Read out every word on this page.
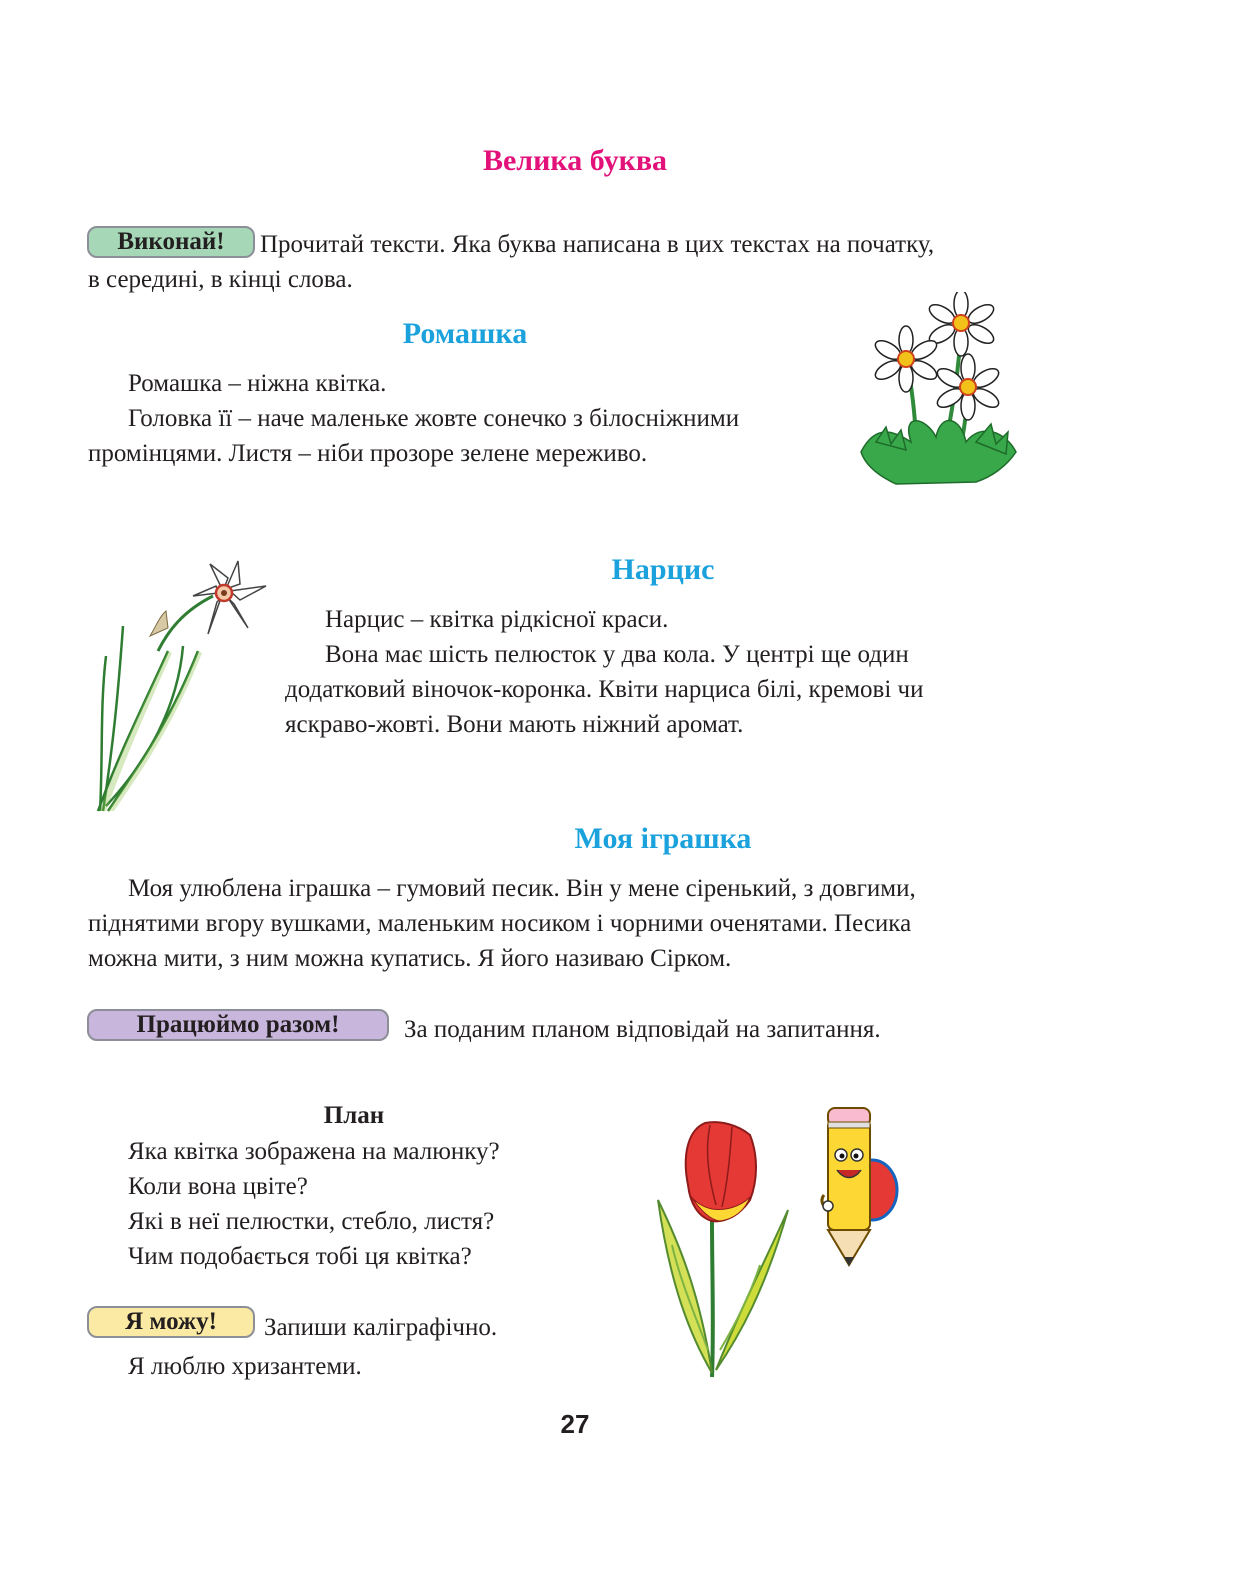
Велика буква
Виконай!	Прочитай тексти. Яка буква написана в цих текстах на початку,
в середині, в кінці слова.
Ромашка
Ромашка – ніжна квітка.
Головка її – наче маленьке жовте сонечко з білосніжними
промінцями. Листя – ніби прозоре зелене мереживо.
Нарцис
Нарцис – квітка рідкісної краси.
Вона має шість пелюсток у два кола. У центрі ще один
додатковий віночок-коронка. Квіти нарциса білі, кремові чи
яскраво-жовті. Вони мають ніжний аромат.
Моя іграшка
Моя улюблена іграшка – гумовий песик. Він у мене сіренький, з довгими,
піднятими вгору вушками, маленьким носиком і чорними оченятами. Песика
можна мити, з ним можна купатись. Я його називаю Сірком.
Працюймо разом!	За поданим планом відповідай на запитання.
План
Яка квітка зображена на малюнку?
Коли вона цвіте?
Які в неї пелюстки, стебло, листя?
Чим подобається тобі ця квітка?
Я можу!	Запиши каліграфічно.
Я люблю хризантеми.
27
